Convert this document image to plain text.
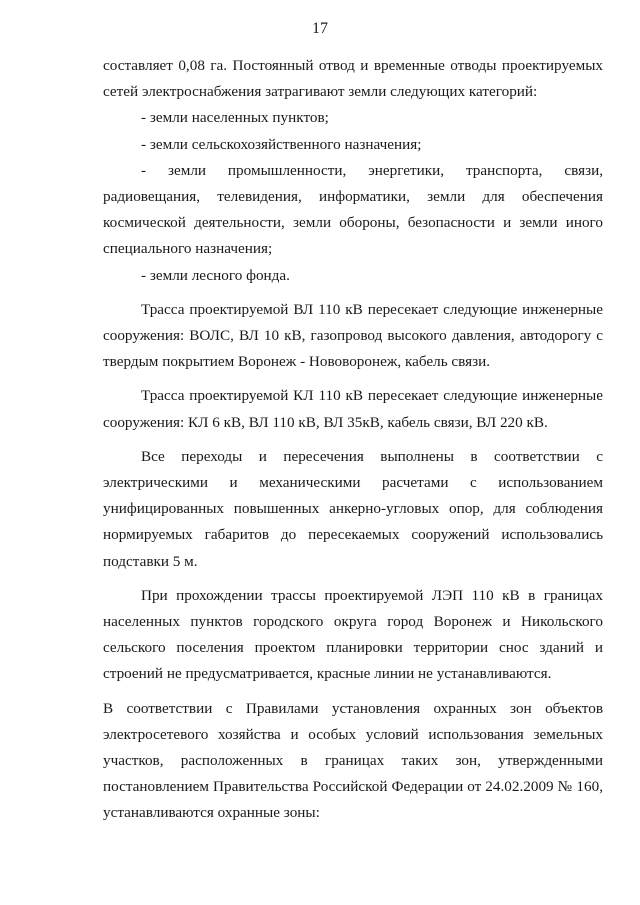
17
составляет 0,08 га. Постоянный отвод и временные отводы проектируемых
сетей электроснабжения затрагивают земли следующих категорий:
- земли населенных пунктов;
- земли сельскохозяйственного назначения;
- земли промышленности, энергетики, транспорта, связи,
радиовещания, телевидения, информатики, земли для обеспечения
космической деятельности, земли обороны, безопасности и земли иного
специального назначения;
- земли лесного фонда.
Трасса проектируемой ВЛ 110 кВ пересекает следующие инженерные
сооружения: ВОЛС, ВЛ 10 кВ, газопровод высокого давления, автодорогу с
твердым покрытием Воронеж - Нововоронеж, кабель связи.
Трасса проектируемой КЛ 110 кВ пересекает следующие инженерные
сооружения: КЛ 6 кВ, ВЛ 110 кВ, ВЛ 35кВ, кабель связи, ВЛ 220 кВ.
Все переходы и пересечения выполнены в соответствии с
электрическими и механическими расчетами с использованием
унифицированных повышенных анкерно-угловых опор, для соблюдения
нормируемых габаритов до пересекаемых сооружений использовались
подставки 5 м.
При прохождении трассы проектируемой ЛЭП 110 кВ в границах
населенных пунктов городского округа город Воронеж и Никольского
сельского поселения проектом планировки территории снос зданий и
строений не предусматривается, красные линии не устанавливаются.
В соответствии с Правилами установления охранных зон объектов
электросетевого хозяйства и особых условий использования земельных
участков, расположенных в границах таких зон, утвержденными
постановлением Правительства Российской Федерации от 24.02.2009 № 160,
устанавливаются охранные зоны:
